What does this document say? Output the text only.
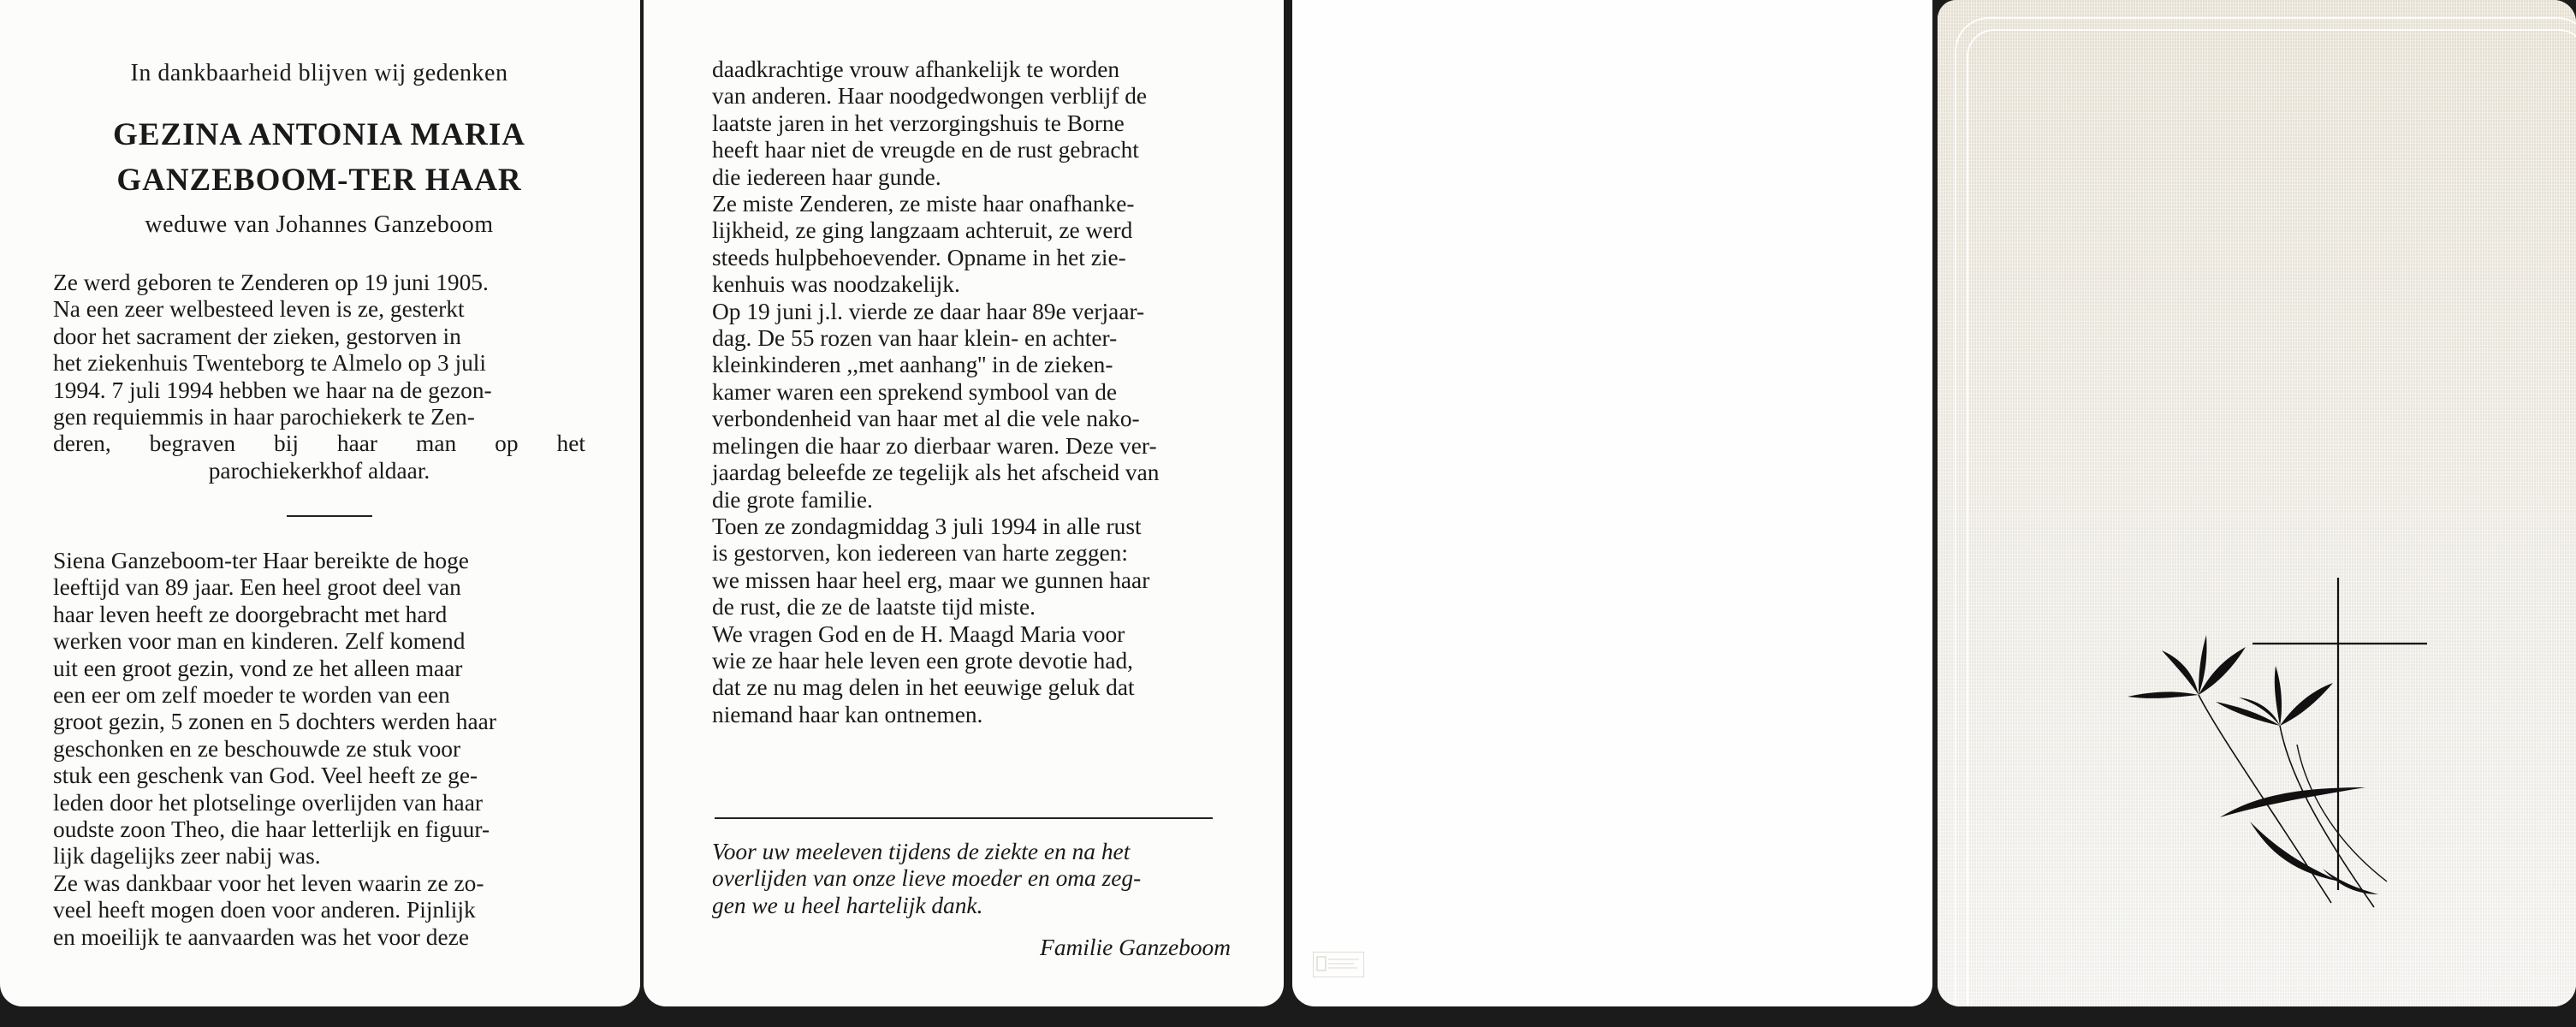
In dankbaarheid blijven wij gedenken
GEZINA ANTONIA MARIA
GANZEBOOM-TER HAAR
weduwe van Johannes Ganzeboom

Ze werd geboren te Zenderen op 19 juni 1905.

Na een zeer welbesteed leven is ze, gesterkt

door het sacrament der zieken, gestorven in

het ziekenhuis Twenteborg te Almelo op 3 juli

1994. 7 juli 1994 hebben we haar na de gezon-

gen requiemmis in haar parochiekerk te Zen-

deren, begraven bij haar man op het

parochiekerkhof aldaar.

Siena Ganzeboom-ter Haar bereikte de hoge

leeftijd van 89 jaar. Een heel groot deel van

haar leven heeft ze doorgebracht met hard

werken voor man en kinderen. Zelf komend

uit een groot gezin, vond ze het alleen maar

een eer om zelf moeder te worden van een

groot gezin, 5 zonen en 5 dochters werden haar

geschonken en ze beschouwde ze stuk voor

stuk een geschenk van God. Veel heeft ze ge-

leden door het plotselinge overlijden van haar

oudste zoon Theo, die haar letterlijk en figuur-

lijk dagelijks zeer nabij was.

Ze was dankbaar voor het leven waarin ze zo-

veel heeft mogen doen voor anderen. Pijnlijk

en moeilijk te aanvaarden was het voor deze

daadkrachtige vrouw afhankelijk te worden

van anderen. Haar noodgedwongen verblijf de

laatste jaren in het verzorgingshuis te Borne

heeft haar niet de vreugde en de rust gebracht

die iedereen haar gunde.

Ze miste Zenderen, ze miste haar onafhanke-

lijkheid, ze ging langzaam achteruit, ze werd

steeds hulpbehoevender. Opname in het zie-

kenhuis was noodzakelijk.

Op 19 juni j.l. vierde ze daar haar 89e verjaar-

dag. De 55 rozen van haar klein- en achter-

kleinkinderen ,,met aanhang'' in de zieken-

kamer waren een sprekend symbool van de

verbondenheid van haar met al die vele nako-

melingen die haar zo dierbaar waren. Deze ver-

jaardag beleefde ze tegelijk als het afscheid van

die grote familie.

Toen ze zondagmiddag 3 juli 1994 in alle rust

is gestorven, kon iedereen van harte zeggen:

we missen haar heel erg, maar we gunnen haar

de rust, die ze de laatste tijd miste.

We vragen God en de H. Maagd Maria voor

wie ze haar hele leven een grote devotie had,

dat ze nu mag delen in het eeuwige geluk dat

niemand haar kan ontnemen.

Voor uw meeleven tijdens de ziekte en na het
overlijden van onze lieve moeder en oma zeg-
gen we u heel hartelijk dank.
Familie Ganzeboom
